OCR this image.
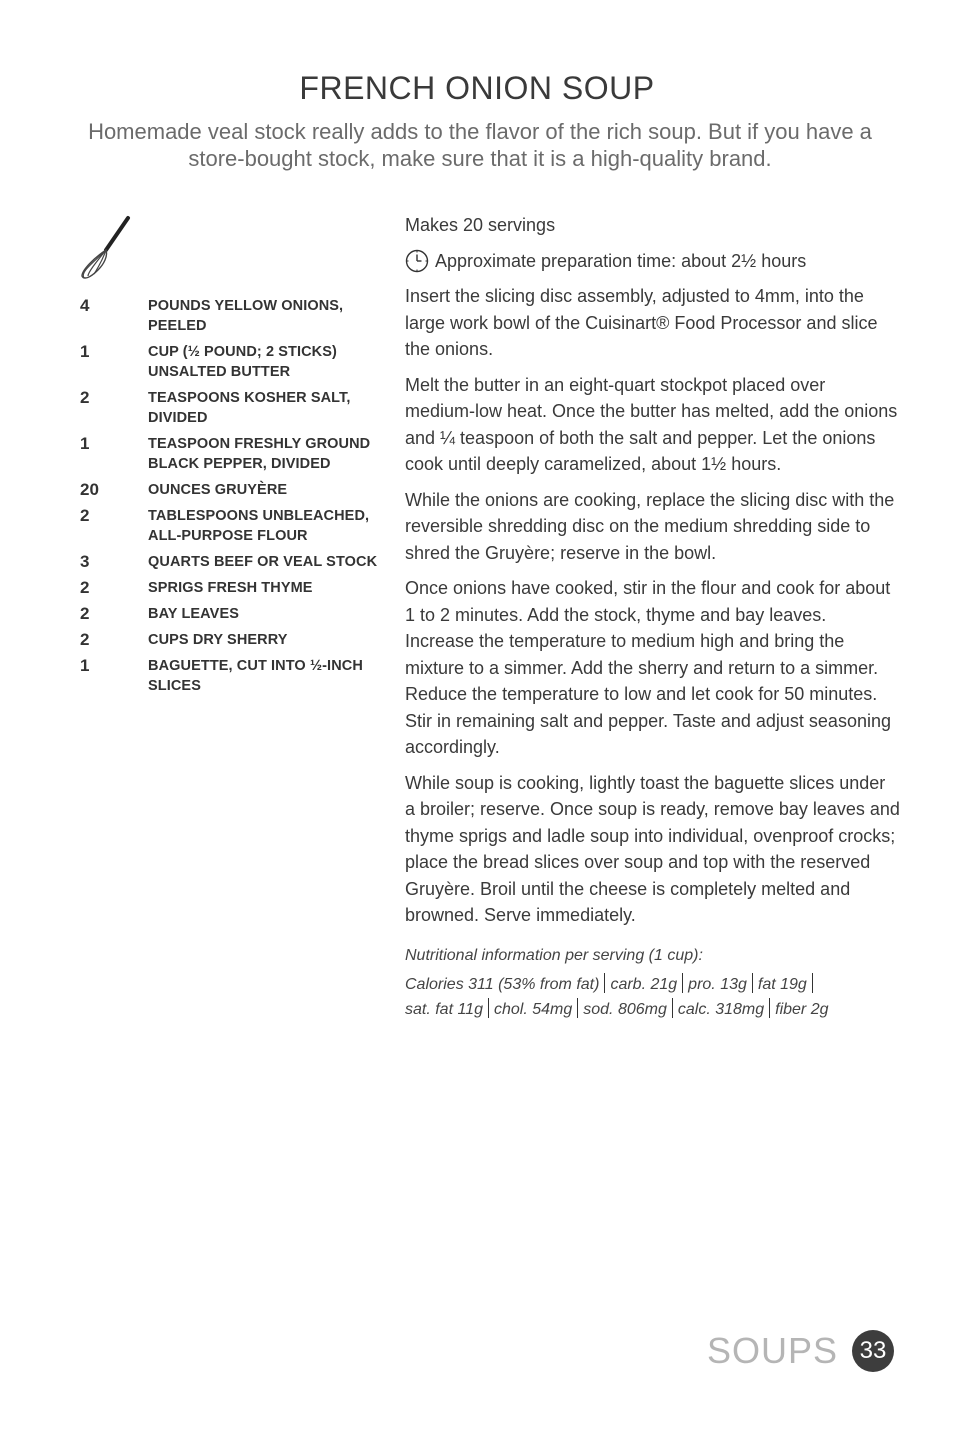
FRENCH ONION SOUP

Homemade veal stock really adds to the flavor of the rich soup. But if you have a store-bought stock, make sure that it is a high-quality brand.

4	POUNDS YELLOW ONIONS, PEELED
1	CUP (½ POUND; 2 STICKS) UNSALTED BUTTER
2	TEASPOONS KOSHER SALT, DIVIDED
1	TEASPOON FRESHLY GROUND BLACK PEPPER, DIVIDED
20	OUNCES GRUYÈRE
2	TABLESPOONS UNBLEACHED, ALL-PURPOSE FLOUR
3	QUARTS BEEF OR VEAL STOCK
2	SPRIGS FRESH THYME
2	BAY LEAVES
2	CUPS DRY SHERRY
1	BAGUETTE, CUT INTO ½-INCH SLICES

Makes 20 servings

Approximate preparation time: about 2½ hours

Insert the slicing disc assembly, adjusted to 4mm, into the large work bowl of the Cuisinart® Food Processor and slice the onions.

Melt the butter in an eight-quart stockpot placed over medium-low heat. Once the butter has melted, add the onions and ¼ teaspoon of both the salt and pepper. Let the onions cook until deeply caramelized, about 1½ hours.

While the onions are cooking, replace the slicing disc with the reversible shredding disc on the medium shredding side to shred the Gruyère; reserve in the bowl.

Once onions have cooked, stir in the flour and cook for about 1 to 2 minutes. Add the stock, thyme and bay leaves. Increase the temperature to medium high and bring the mixture to a simmer. Add the sherry and return to a simmer. Reduce the temperature to low and let cook for 50 minutes. Stir in remaining salt and pepper. Taste and adjust seasoning accordingly.

While soup is cooking, lightly toast the baguette slices under a broiler; reserve. Once soup is ready, remove bay leaves and thyme sprigs and ladle soup into individual, ovenproof crocks; place the bread slices over soup and top with the reserved Gruyère. Broil until the cheese is completely melted and browned. Serve immediately.

Nutritional information per serving (1 cup):

Calories 311 (53% from fat) carb. 21g pro. 13g fat 19g
sat. fat 11g chol. 54mg sod. 806mg calc. 318mg fiber 2g
SOUPS 33
